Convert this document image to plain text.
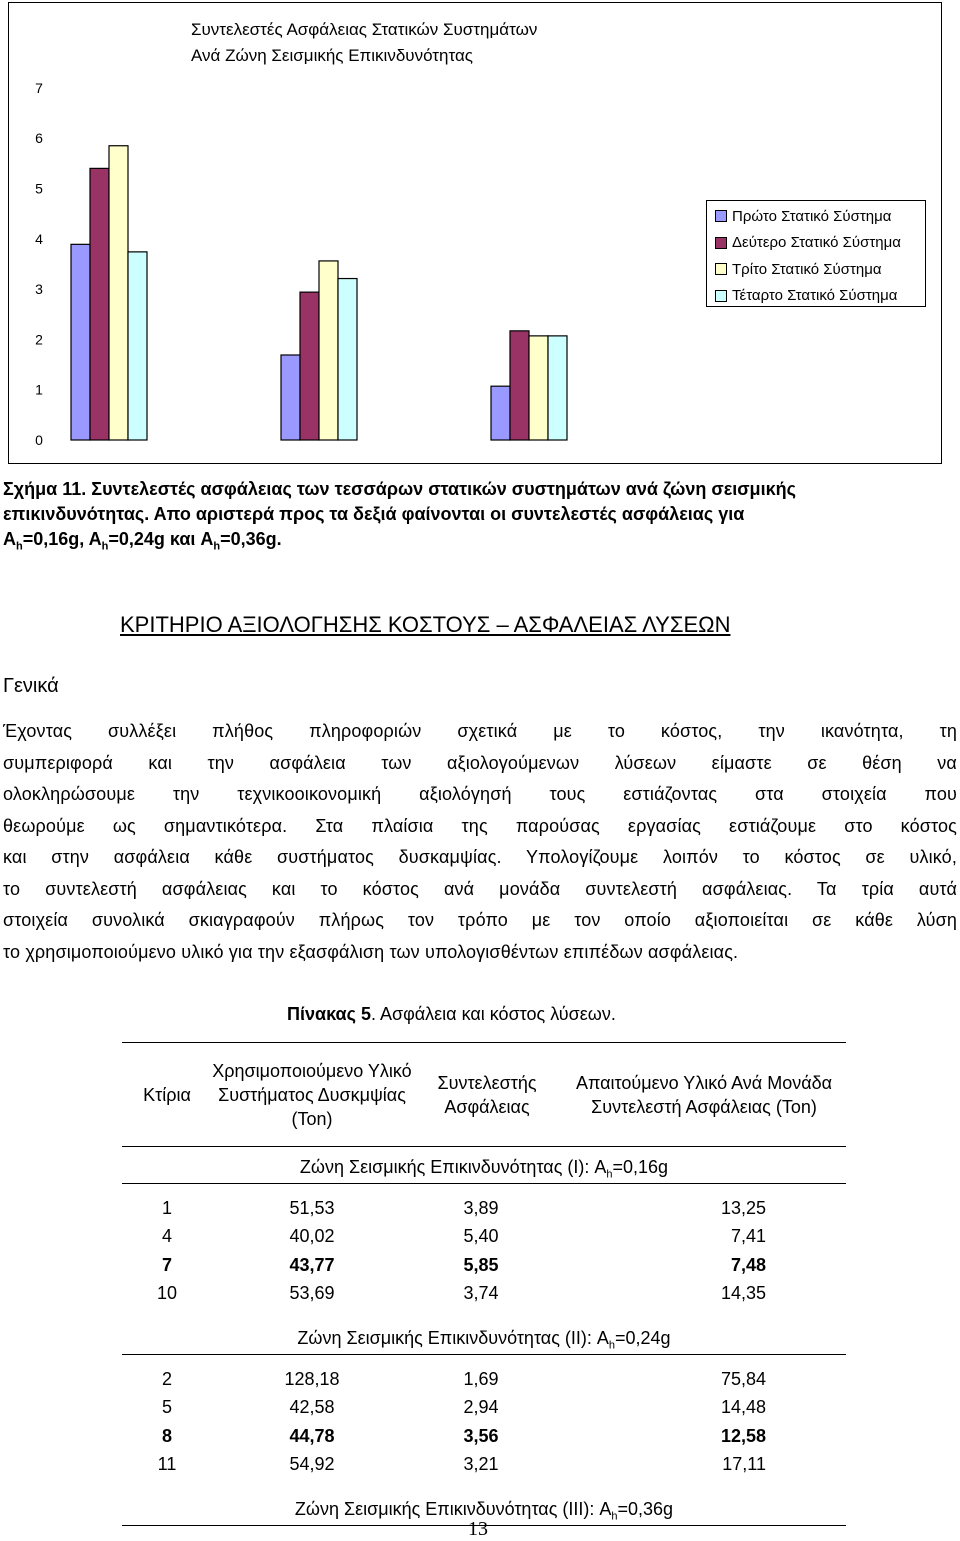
Συντελεστές Ασφάλειας Στατικών Συστημάτων
Ανά Ζώνη Σεισμικής Επικινδυνότητας
0
1
2
3
4
5
6
7
Πρώτο Στατικό Σύστημα
Δεύτερο Στατικό Σύστημα
Τρίτο Στατικό Σύστημα
Τέταρτο Στατικό Σύστημα
Σχήμα 11. Συντελεστές ασφάλειας των τεσσάρων στατικών συστημάτων ανά ζώνη σεισμικής
επικινδυνότητας. Απο αριστερά προς τα δεξιά φαίνονται οι συντελεστές ασφάλειας για
$A_h=0,16g$, $A_h=0,24g$ και $A_h=0,36g$.
ΚΡΙΤΗΡΙΟ ΑΞΙΟΛΟΓΗΣΗΣ ΚΟΣΤΟΥΣ – ΑΣΦΑΛΕΙΑΣ ΛΥΣΕΩΝ
Γενικά
Έχοντας συλλέξει πλήθος πληροφοριών σχετικά με το κόστος, την ικανότητα, τη
συμπεριφορά και την ασφάλεια των αξιολογούμενων λύσεων είμαστε σε θέση να
ολοκληρώσουμε την τεχνικοοικονομική αξιολόγησή τους εστιάζοντας στα στοιχεία που
θεωρούμε ως σημαντικότερα. Στα πλαίσια της παρούσας εργασίας εστιάζουμε στο κόστος
και στην ασφάλεια κάθε συστήματος δυσκαμψίας. Υπολογίζουμε λοιπόν το κόστος σε υλικό,
το συντελεστή ασφάλειας και το κόστος ανά μονάδα συντελεστή ασφάλειας. Τα τρία αυτά
στοιχεία συνολικά σκιαγραφούν πλήρως τον τρόπο με τον οποίο αξιοποιείται σε κάθε λύση
το χρησιμοποιούμενο υλικό για την εξασφάλιση των υπολογισθέντων επιπέδων ασφάλειας.
Πίνακας 5. Ασφάλεια και κόστος λύσεων.
Κτίρια	Χρησιμοποιούμενο Υλικό Συστήματος Δυσκμψίας (Ton)	Συντελεστής Ασφάλειας	Απαιτούμενο Υλικό Ανά Μονάδα Συντελεστή Ασφάλειας (Ton)
Ζώνη Σεισμικής Επικινδυνότητας (Ι): $A_h=0,16g$			

1	51,53	3,89	13,25
4	40,02	5,40	7,41
7	43,77	5,85	7,48
10	53,69	3,74	14,35

Ζώνη Σεισμικής Επικινδυνότητας (ΙΙ): $A_h=0,24g$			

2	128,18	1,69	75,84
5	42,58	2,94	14,48
8	44,78	3,56	12,58
11	54,92	3,21	17,11

Ζώνη Σεισμικής Επικινδυνότητας (ΙΙΙ): $A_h=0,36g$			
13
